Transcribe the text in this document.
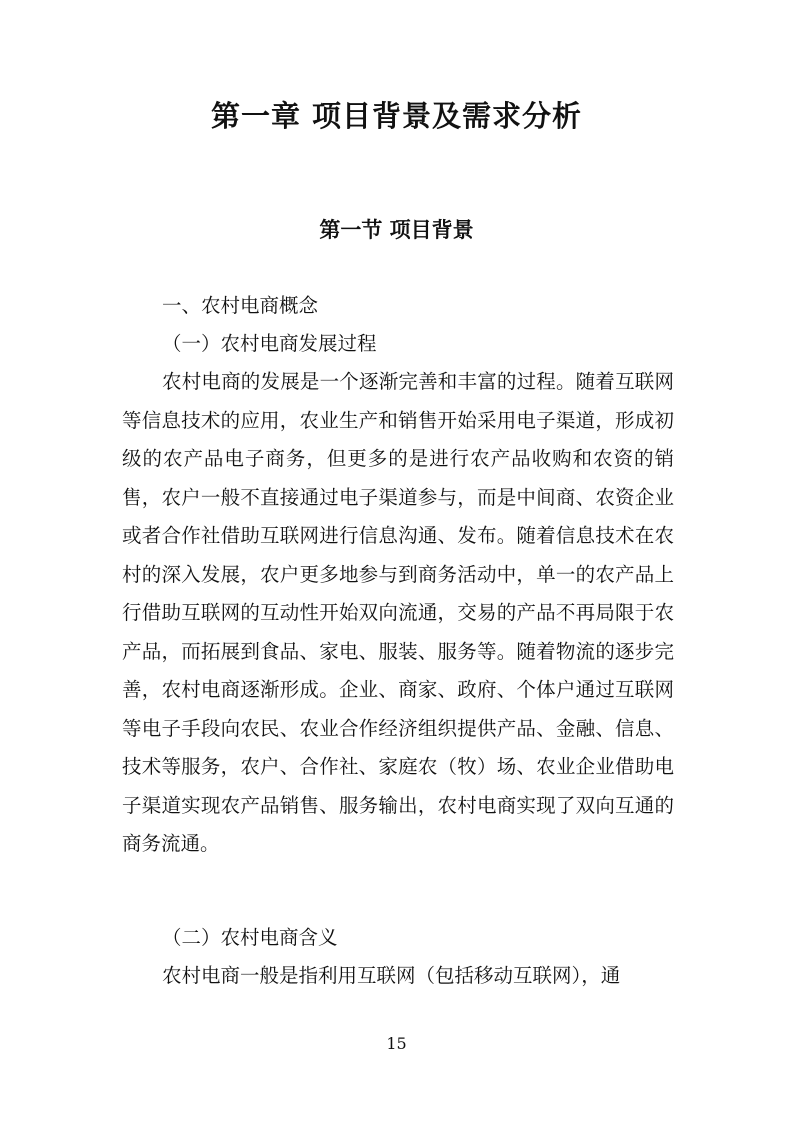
第一章 项目背景及需求分析
第一节 项目背景

一、农村电商概念

（一）农村电商发展过程

农村电商的发展是一个逐渐完善和丰富的过程。随着互联网等信息技术的应用，农业生产和销售开始采用电子渠道，形成初级的农产品电子商务，但更多的是进行农产品收购和农资的销售，农户一般不直接通过电子渠道参与，而是中间商、农资企业或者合作社借助互联网进行信息沟通、发布。随着信息技术在农村的深入发展，农户更多地参与到商务活动中，单一的农产品上行借助互联网的互动性开始双向流通，交易的产品不再局限于农产品，而拓展到食品、家电、服装、服务等。随着物流的逐步完善，农村电商逐渐形成。企业、商家、政府、个体户通过互联网等电子手段向农民、农业合作经济组织提供产品、金融、信息、技术等服务，农户、合作社、家庭农（牧）场、农业企业借助电子渠道实现农产品销售、服务输出，农村电商实现了双向互通的商务流通。

（二）农村电商含义

农村电商一般是指利用互联网（包括移动互联网），通

15
